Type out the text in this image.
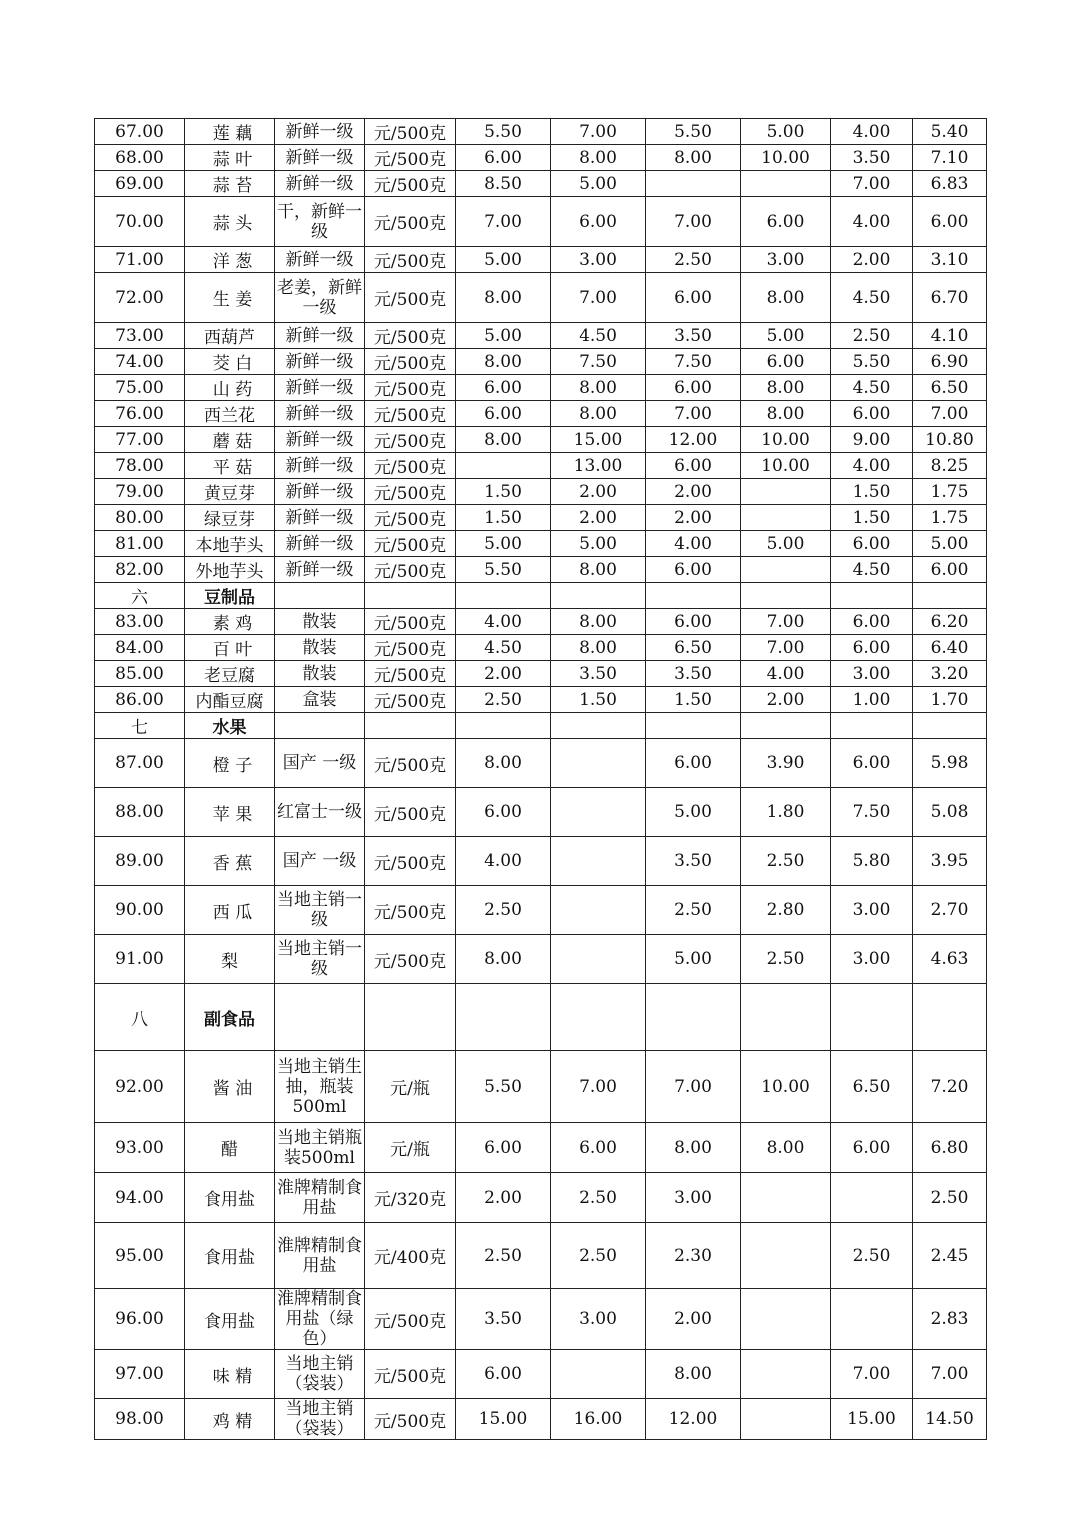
67.00	莲 藕	新鲜一级	元/500克	5.50	7.00	5.50	5.00	4.00	5.40
68.00	蒜 叶	新鲜一级	元/500克	6.00	8.00	8.00	10.00	3.50	7.10
69.00	蒜 苔	新鲜一级	元/500克	8.50	5.00			7.00	6.83
70.00	蒜 头	干，新鲜一级	元/500克	7.00	6.00	7.00	6.00	4.00	6.00
71.00	洋 葱	新鲜一级	元/500克	5.00	3.00	2.50	3.00	2.00	3.10
72.00	生 姜	老姜，新鲜一级	元/500克	8.00	7.00	6.00	8.00	4.50	6.70
73.00	西葫芦	新鲜一级	元/500克	5.00	4.50	3.50	5.00	2.50	4.10
74.00	茭 白	新鲜一级	元/500克	8.00	7.50	7.50	6.00	5.50	6.90
75.00	山 药	新鲜一级	元/500克	6.00	8.00	6.00	8.00	4.50	6.50
76.00	西兰花	新鲜一级	元/500克	6.00	8.00	7.00	8.00	6.00	7.00
77.00	蘑 菇	新鲜一级	元/500克	8.00	15.00	12.00	10.00	9.00	10.80
78.00	平 菇	新鲜一级	元/500克		13.00	6.00	10.00	4.00	8.25
79.00	黄豆芽	新鲜一级	元/500克	1.50	2.00	2.00		1.50	1.75
80.00	绿豆芽	新鲜一级	元/500克	1.50	2.00	2.00		1.50	1.75
81.00	本地芋头	新鲜一级	元/500克	5.00	5.00	4.00	5.00	6.00	5.00
82.00	外地芋头	新鲜一级	元/500克	5.50	8.00	6.00		4.50	6.00
六	豆制品								
83.00	素 鸡	散装	元/500克	4.00	8.00	6.00	7.00	6.00	6.20
84.00	百 叶	散装	元/500克	4.50	8.00	6.50	7.00	6.00	6.40
85.00	老豆腐	散装	元/500克	2.00	3.50	3.50	4.00	3.00	3.20
86.00	内酯豆腐	盒装	元/500克	2.50	1.50	1.50	2.00	1.00	1.70
七	水果								
87.00	橙 子	国产 一级	元/500克	8.00		6.00	3.90	6.00	5.98
88.00	苹 果	红富士一级	元/500克	6.00		5.00	1.80	7.50	5.08
89.00	香 蕉	国产 一级	元/500克	4.00		3.50	2.50	5.80	3.95
90.00	西 瓜	当地主销一级	元/500克	2.50		2.50	2.80	3.00	2.70
91.00	梨	当地主销一级	元/500克	8.00		5.00	2.50	3.00	4.63
八	副食品								
92.00	酱 油	当地主销生抽，瓶装 500ml	元/瓶	5.50	7.00	7.00	10.00	6.50	7.20
93.00	醋	当地主销瓶装500ml	元/瓶	6.00	6.00	8.00	8.00	6.00	6.80
94.00	食用盐	淮牌精制食用盐	元/320克	2.00	2.50	3.00			2.50
95.00	食用盐	淮牌精制食用盐	元/400克	2.50	2.50	2.30		2.50	2.45
96.00	食用盐	淮牌精制食用盐（绿色）	元/500克	3.50	3.00	2.00			2.83
97.00	味 精	当地主销（袋装）	元/500克	6.00		8.00		7.00	7.00
98.00	鸡 精	当地主销（袋装）	元/500克	15.00	16.00	12.00		15.00	14.50
